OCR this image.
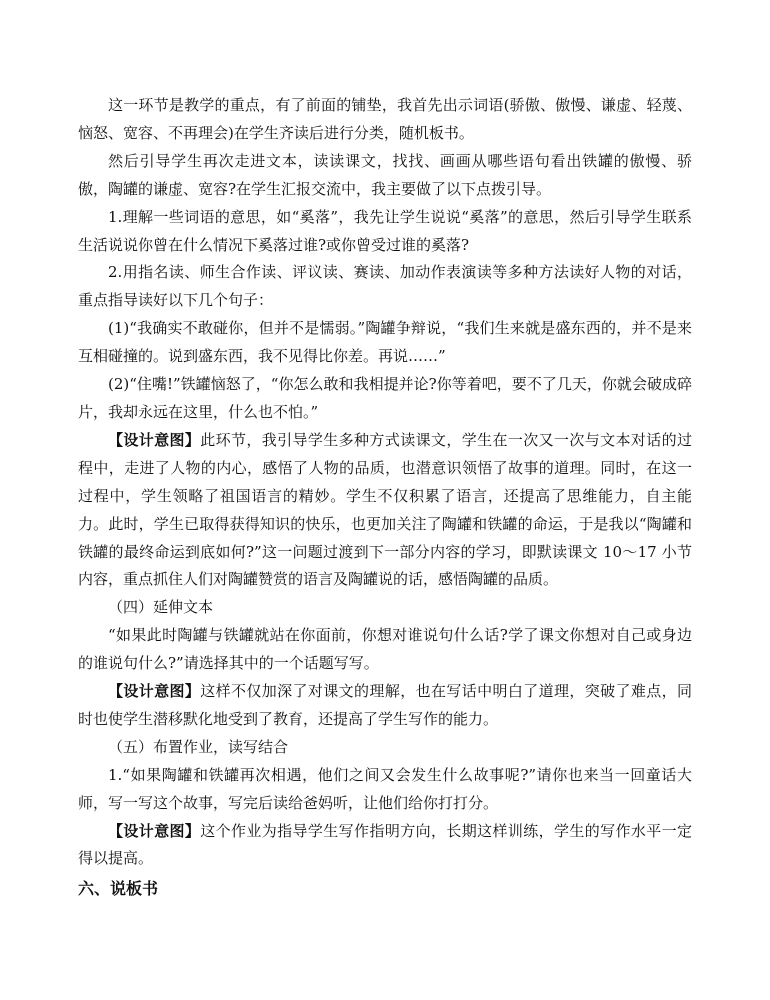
这一环节是教学的重点，有了前面的铺垫，我首先出示词语(骄傲、傲慢、谦虚、轻蔑、恼怒、宽容、不再理会)在学生齐读后进行分类，随机板书。

然后引导学生再次走进文本，读读课文，找找、画画从哪些语句看出铁罐的傲慢、骄傲，陶罐的谦虚、宽容?在学生汇报交流中，我主要做了以下点拨引导。

1.理解一些词语的意思，如“奚落”，我先让学生说说“奚落”的意思，然后引导学生联系生活说说你曾在什么情况下奚落过谁?或你曾受过谁的奚落?

2.用指名读、师生合作读、评议读、赛读、加动作表演读等多种方法读好人物的对话，重点指导读好以下几个句子：

(1)“我确实不敢碰你，但并不是懦弱。”陶罐争辩说，“我们生来就是盛东西的，并不是来互相碰撞的。说到盛东西，我不见得比你差。再说……”

(2)“住嘴!”铁罐恼怒了，“你怎么敢和我相提并论?你等着吧，要不了几天，你就会破成碎片，我却永远在这里，什么也不怕。”

【设计意图】此环节，我引导学生多种方式读课文，学生在一次又一次与文本对话的过程中，走进了人物的内心，感悟了人物的品质，也潜意识领悟了故事的道理。同时，在这一过程中，学生领略了祖国语言的精妙。学生不仅积累了语言，还提高了思维能力，自主能力。此时，学生已取得获得知识的快乐，也更加关注了陶罐和铁罐的命运，于是我以“陶罐和铁罐的最终命运到底如何?”这一问题过渡到下一部分内容的学习，即默读课文 10～17 小节内容，重点抓住人们对陶罐赞赏的语言及陶罐说的话，感悟陶罐的品质。

（四）延伸文本

“如果此时陶罐与铁罐就站在你面前，你想对谁说句什么话?学了课文你想对自己或身边的谁说句什么?”请选择其中的一个话题写写。

【设计意图】这样不仅加深了对课文的理解，也在写话中明白了道理，突破了难点，同时也使学生潜移默化地受到了教育，还提高了学生写作的能力。

（五）布置作业，读写结合

1.“如果陶罐和铁罐再次相遇，他们之间又会发生什么故事呢?”请你也来当一回童话大师，写一写这个故事，写完后读给爸妈听，让他们给你打打分。

【设计意图】这个作业为指导学生写作指明方向，长期这样训练，学生的写作水平一定得以提高。

六、说板书
